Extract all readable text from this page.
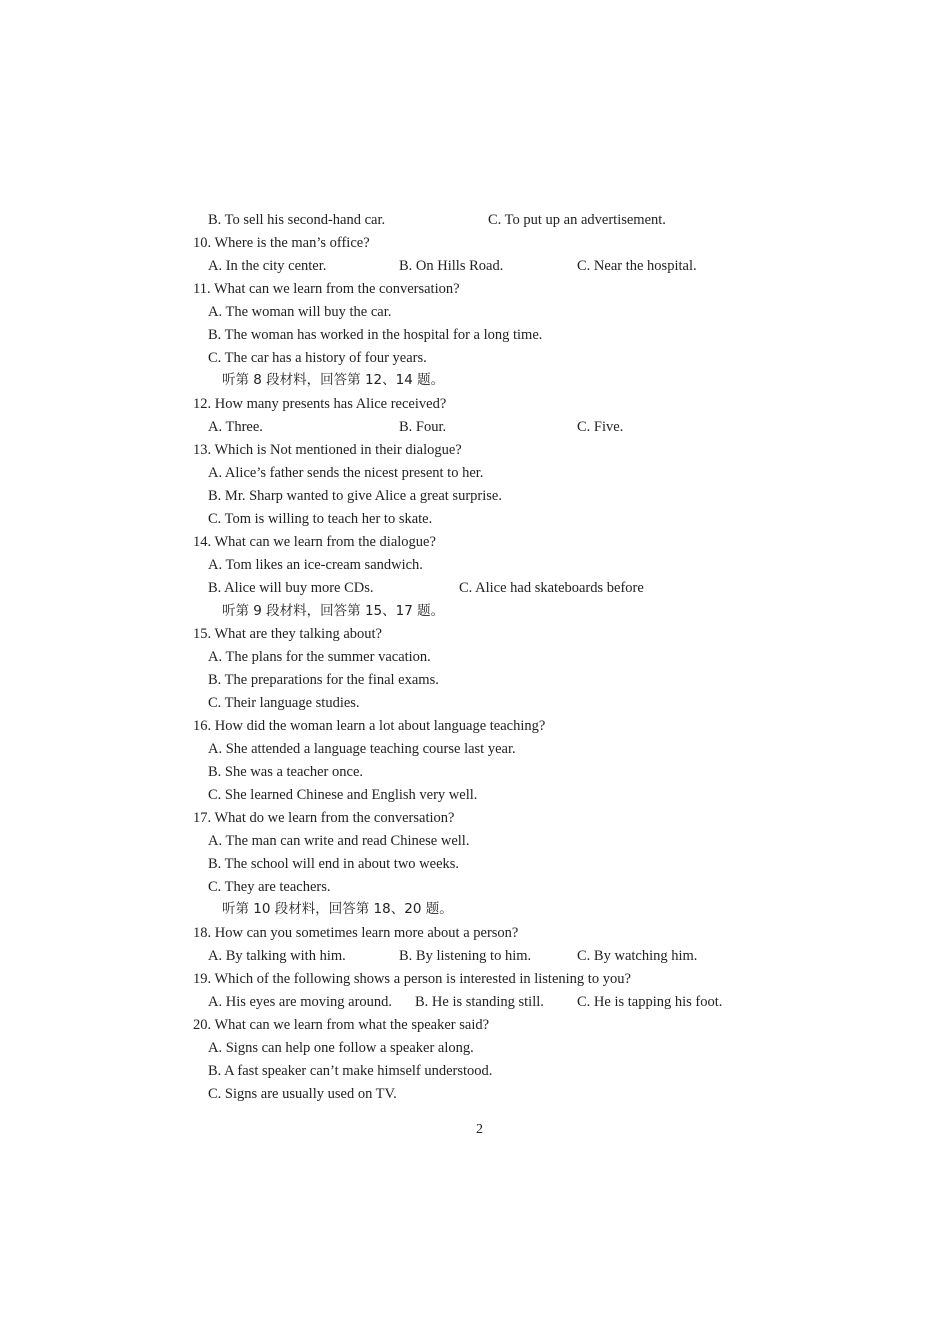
B. To sell his second-hand car.	C. To put up an advertisement.
10. Where is the man’s office?
A. In the city center.	B. On Hills Road.	C. Near the hospital.
11. What can we learn from the conversation?
A. The woman will buy the car.
B. The woman has worked in the hospital for a long time.
C. The car has a history of four years.
听第 8 段材料，回答第 12、14 题。
12. How many presents has Alice received?
A. Three.	B. Four.	C. Five.
13. Which is Not mentioned in their dialogue?
A. Alice’s father sends the nicest present to her.
B. Mr. Sharp wanted to give Alice a great surprise.
C. Tom is willing to teach her to skate.
14. What can we learn from the dialogue?
A. Tom likes an ice-cream sandwich.
B. Alice will buy more CDs.	C. Alice had skateboards before
听第 9 段材料，回答第 15、17 题。
15. What are they talking about?
A. The plans for the summer vacation.
B. The preparations for the final exams.
C. Their language studies.
16. How did the woman learn a lot about language teaching?
A. She attended a language teaching course last year.
B. She was a teacher once.
C. She learned Chinese and English very well.
17. What do we learn from the conversation?
A. The man can write and read Chinese well.
B. The school will end in about two weeks.
C. They are teachers.
听第 10 段材料，回答第 18、20 题。
18. How can you sometimes learn more about a person?
A. By talking with him.	B. By listening to him.	C. By watching him.
19. Which of the following shows a person is interested in listening to you?
A. His eyes are moving around. B. He is standing still. C. He is tapping his foot.
20. What can we learn from what the speaker said?
A. Signs can help one follow a speaker along.
B. A fast speaker can’t make himself understood.
C. Signs are usually used on TV.
2
